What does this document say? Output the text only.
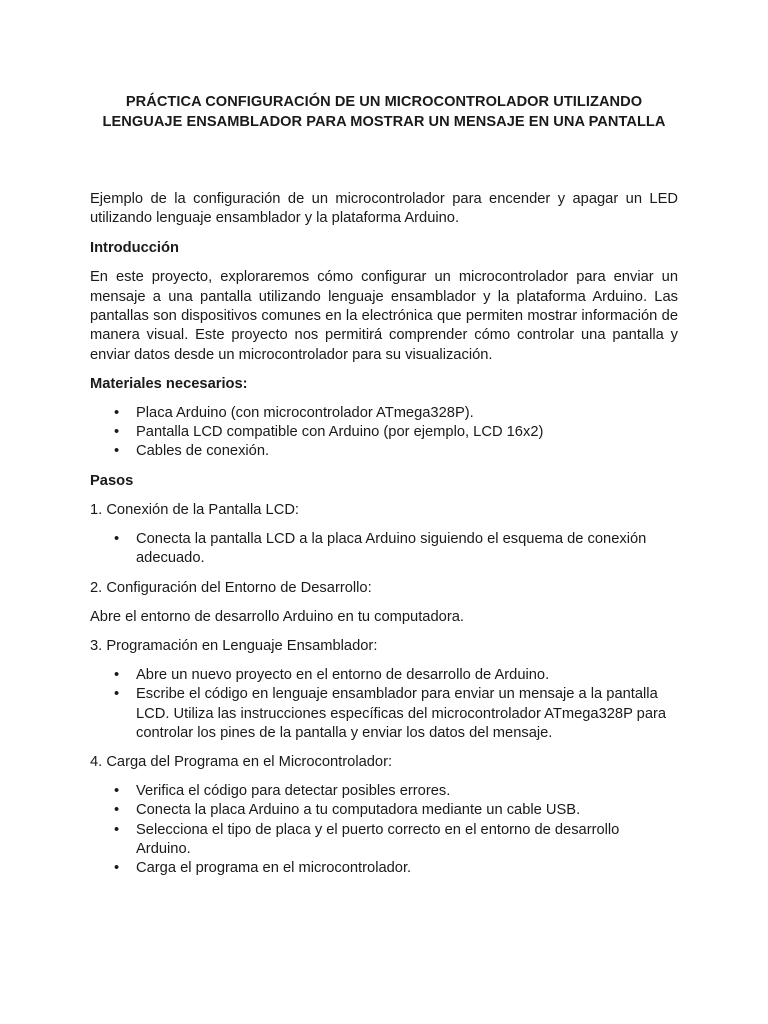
PRÁCTICA CONFIGURACIÓN DE UN MICROCONTROLADOR UTILIZANDO
LENGUAJE ENSAMBLADOR PARA MOSTRAR UN MENSAJE EN UNA PANTALLA

Ejemplo de la configuración de un microcontrolador para encender y apagar un LED utilizando lenguaje ensamblador y la plataforma Arduino.

Introducción

En este proyecto, exploraremos cómo configurar un microcontrolador para enviar un mensaje a una pantalla utilizando lenguaje ensamblador y la plataforma Arduino. Las pantallas son dispositivos comunes en la electrónica que permiten mostrar información de manera visual. Este proyecto nos permitirá comprender cómo controlar una pantalla y enviar datos desde un microcontrolador para su visualización.

Materiales necesarios:

• Placa Arduino (con microcontrolador ATmega328P).
• Pantalla LCD compatible con Arduino (por ejemplo, LCD 16x2)
• Cables de conexión.

Pasos

1. Conexión de la Pantalla LCD:

• Conecta la pantalla LCD a la placa Arduino siguiendo el esquema de conexión adecuado.

2. Configuración del Entorno de Desarrollo:

Abre el entorno de desarrollo Arduino en tu computadora.

3. Programación en Lenguaje Ensamblador:

• Abre un nuevo proyecto en el entorno de desarrollo de Arduino.
• Escribe el código en lenguaje ensamblador para enviar un mensaje a la pantalla LCD. Utiliza las instrucciones específicas del microcontrolador ATmega328P para controlar los pines de la pantalla y enviar los datos del mensaje.

4. Carga del Programa en el Microcontrolador:

• Verifica el código para detectar posibles errores.
• Conecta la placa Arduino a tu computadora mediante un cable USB.
• Selecciona el tipo de placa y el puerto correcto en el entorno de desarrollo Arduino.
• Carga el programa en el microcontrolador.
